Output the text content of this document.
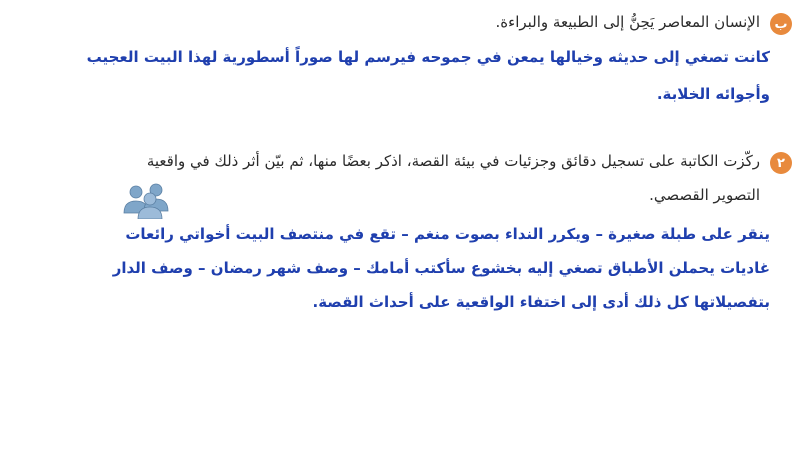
ب

الإنسان المعاصر يَحِنُّ إلى الطبيعة والبراءة.

كانت تصغي إلى حديثه وخيالها يمعن في جموحه فيرسم لها صوراً أسطورية لهذا البيت العجيب

وأجوائه الخلابة.

٢

ركّزت الكاتبة على تسجيل دقائق وجزئيات في بيئة القصة، اذكر بعضًا منها، ثم بيّن أثر ذلك في واقعية

التصوير القصصي.

ينقر على طبلة صغيرة – ويكرر النداء بصوت منغم – تقع في منتصف البيت أخواتي رائعات

غاديات يحملن الأطباق تصغي إليه بخشوع سأكتب أمامك – وصف شهر رمضان – وصف الدار

بتفصيلاتها كل ذلك أدى إلى اختفاء الواقعية على أحداث القصة.
